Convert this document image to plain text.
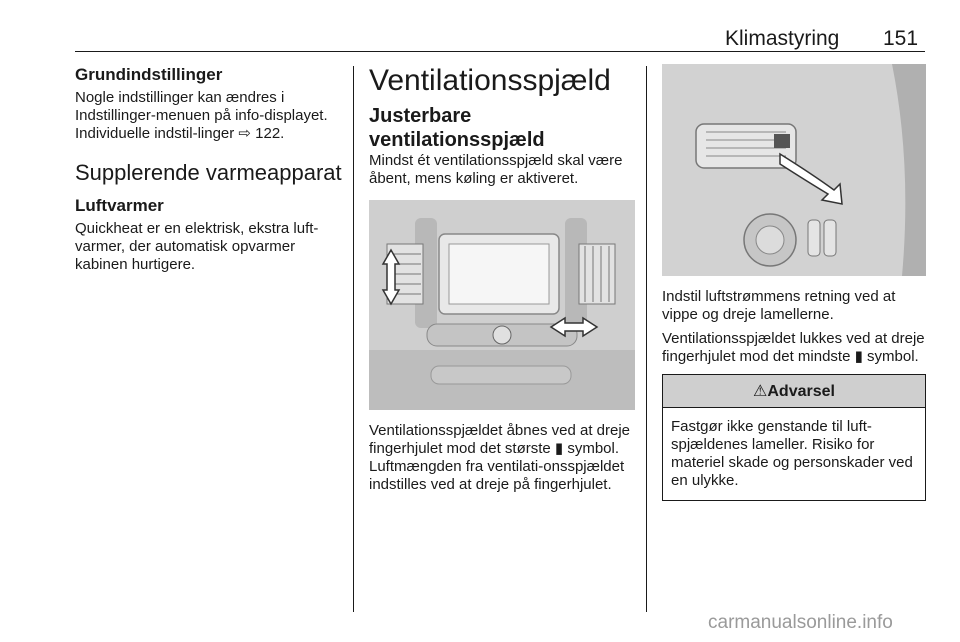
Klimastyring 151
Grundindstillinger

Nogle indstillinger kan ændres i Indstillinger-menuen på info-displayet. Individuelle indstil-linger ⇨ 122.

Supplerende varmeapparat
Luftvarmer

Quickheat er en elektrisk, ekstra luft-varmer, der automatisk opvarmer kabinen hurtigere.

Ventilationsspjæld
Justerbare ventilationsspjæld

Mindst ét ventilationsspjæld skal være åbent, mens køling er aktiveret.

Ventilationsspjældet åbnes ved at dreje fingerhjulet mod det største ▮ symbol. Luftmængden fra ventilati-onsspjældet indstilles ved at dreje på fingerhjulet.

Indstil luftstrømmens retning ved at vippe og dreje lamellerne.

Ventilationsspjældet lukkes ved at dreje fingerhjulet mod det mindste ▮ symbol.

⚠Advarsel

Fastgør ikke genstande til luft-spjældenes lameller. Risiko for materiel skade og personskader ved en ulykke.

carmanualsonline.info
